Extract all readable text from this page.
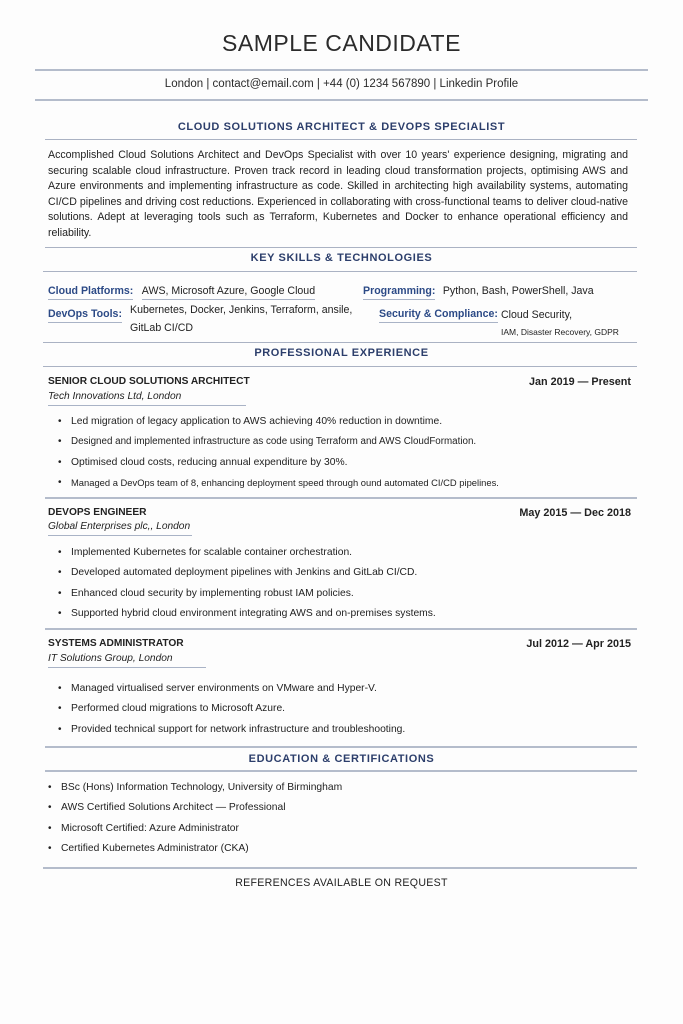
SAMPLE CANDIDATE
London | contact@email.com | +44 (0) 1234 567890 | Linkedin Profile
CLOUD SOLUTIONS ARCHITECT & DEVOPS SPECIALIST
Accomplished Cloud Solutions Architect and DevOps Specialist with over 10 years' experience designing, migrating and securing scalable cloud infrastructure. Proven track record in leading cloud transformation projects, optimising AWS and Azure environments and implementing infrastructure as code. Skilled in architecting high availability systems, automating CI/CD pipelines and driving cost reductions. Experienced in collaborating with cross-functional teams to deliver cloud-native solutions. Adept at leveraging tools such as Terraform, Kubernetes and Docker to enhance operational efficiency and reliability.
KEY SKILLS & TECHNOLOGIES
Cloud Platforms: AWS, Microsoft Azure, Google Cloud	Programming: Python, Bash, PowerShell, Java
DevOps Tools: Kubernetes, Docker, Jenkins, Terraform, ansile,
GitLab CI/CD
Security & Compliance: Cloud Security,
IAM, Disaster Recovery, GDPR
PROFESSIONAL EXPERIENCE
SENIOR CLOUD SOLUTIONS ARCHITECT	Jan 2019 — Present
Tech Innovations Ltd, London
• Led migration of legacy application to AWS achieving 40% reduction in downtime.
• Designed and implemented infrastructure as code using Terraform and AWS CloudFormation.
• Optimised cloud costs, reducing annual expenditure by 30%.
• Managed a DevOps team of 8, enhancing deployment speed through ound automated CI/CD pipelines.
DEVOPS ENGINEER	May 2015 — Dec 2018
Global Enterprises plc,, London
• Implemented Kubernetes for scalable container orchestration.
• Developed automated deployment pipelines with Jenkins and GitLab CI/CD.
• Enhanced cloud security by implementing robust IAM policies.
• Supported hybrid cloud environment integrating AWS and on-premises systems.
SYSTEMS ADMINISTRATOR	Jul 2012 — Apr 2015
IT Solutions Group, London
• Managed virtualised server environments on VMware and Hyper-V.
• Performed cloud migrations to Microsoft Azure.
• Provided technical support for network infrastructure and troubleshooting.
EDUCATION & CERTIFICATIONS
• BSc (Hons) Information Technology, University of Birmingham
• AWS Certified Solutions Architect — Professional
• Microsoft Certified: Azure Administrator
• Certified Kubernetes Administrator (CKA)
REFERENCES AVAILABLE ON REQUEST
